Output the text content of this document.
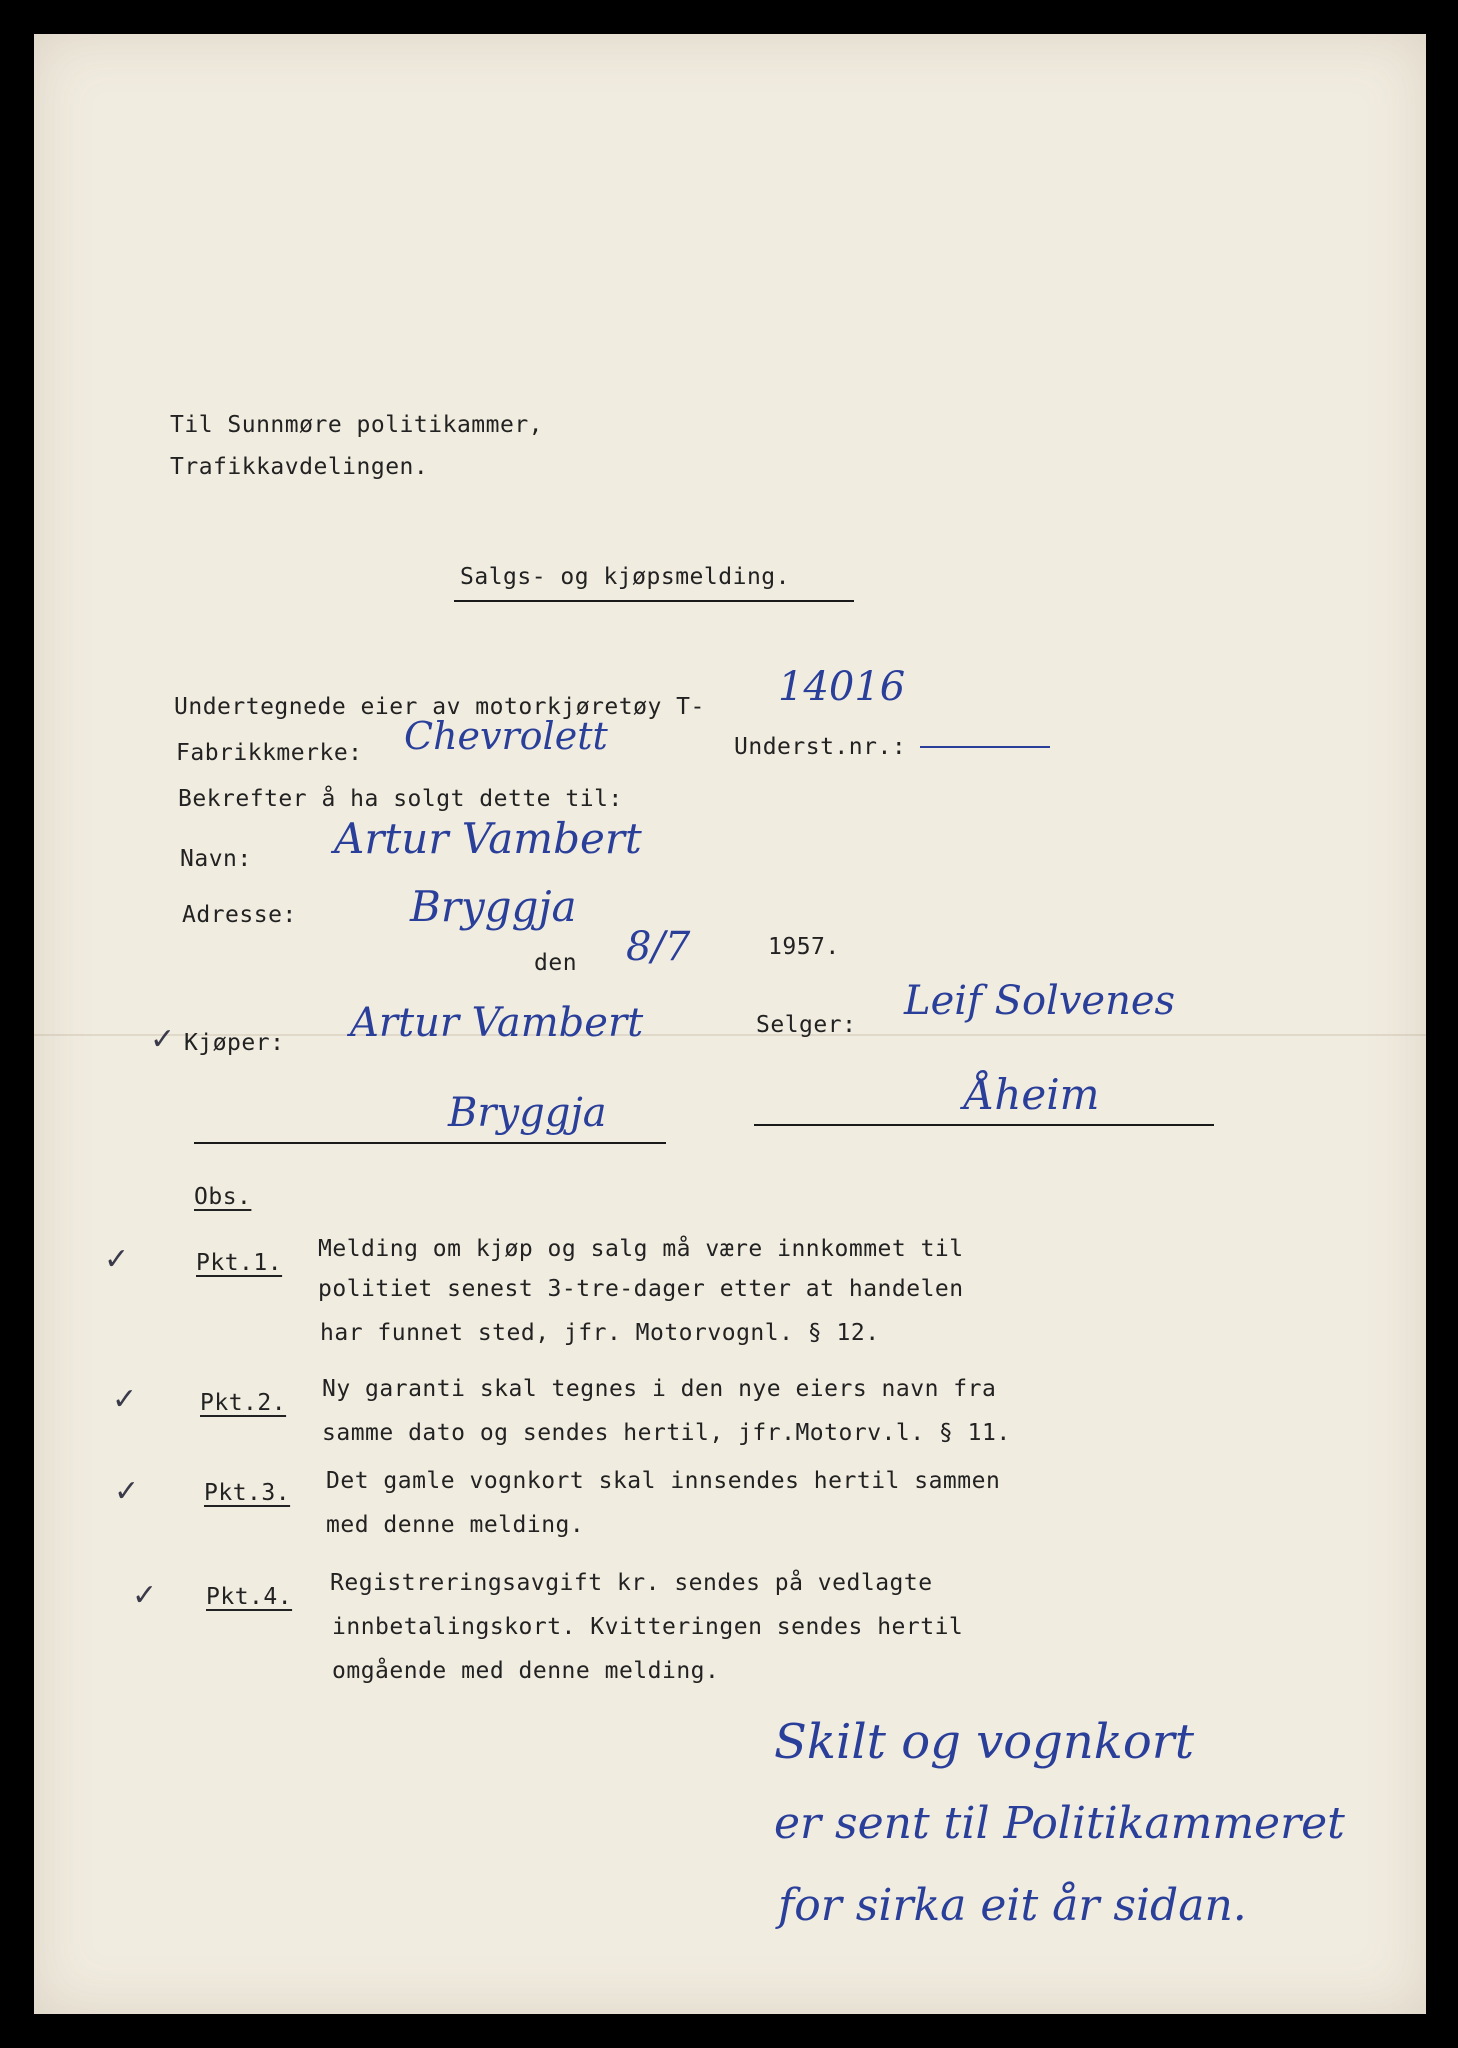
Til Sunnmøre politikammer,
Trafikkavdelingen.
Salgs- og kjøpsmelding.
Undertegnede eier av motorkjøretøy T- 14016
Fabrikkmerke: Chevrolett	Underst.nr.:
Bekrefter å ha solgt dette til:
Navn: Artur Vambert
Adresse:	Bryggja
den 8/7	1957.
✓ Kjøper: Artur Vambert	Selger:
Leif Solvenes
Bryggja	Åheim
Obs.
✓	Pkt.1.
Melding om kjøp og salg må være innkommet til
politiet senest 3-tre-dager etter at handelen
har funnet sted, jfr. Motorvognl. § 12.
✓	Pkt.2.
Ny garanti skal tegnes i den nye eiers navn fra
samme dato og sendes hertil, jfr.Motorv.l. § 11.
✓	Pkt.3. Det gamle vognkort skal innsendes hertil sammen
med denne melding.
✓ Pkt.4.
Registreringsavgift kr. sendes på vedlagte
innbetalingskort. Kvitteringen sendes hertil
omgående med denne melding.
Skilt og vognkort
er sent til Politikammeret
for sirka eit år sidan.
